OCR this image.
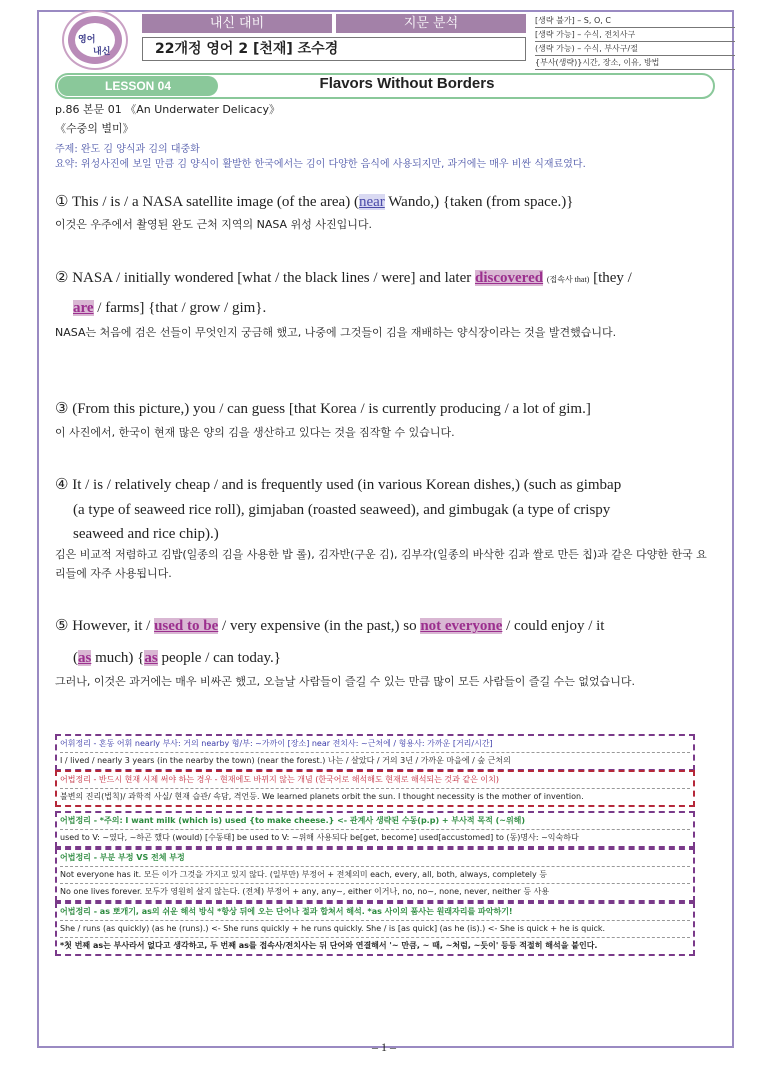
영어
내신
내신 대비	지문 분석
22개정 영어 2 [천재] 조수경
[생략 불가] – S, O, C
[생략 가능] – 수식, 전치사구
(생략 가능) – 수식, 부사구/절
{부사(생략)}시간, 장소, 이유, 방법
LESSON 04	Flavors Without Borders
p.86 본문 01 《An Underwater Delicacy》
《수중의 별미》
주제: 완도 김 양식과 김의 대중화
요약: 위성사진에 보일 만큼 김 양식이 활발한 한국에서는 김이 다양한 음식에 사용되지만, 과거에는 매우 비싼 식재료였다.
① This / is / a NASA satellite image (of the area) (near Wando,) {taken (from space.)}
이것은 우주에서 촬영된 완도 근처 지역의 NASA 위성 사진입니다.
② NASA / initially wondered [what / the black lines / were] and later discovered (접속사 that) [they /
are / farms] {that / grow / gim}.
NASA는 처음에 검은 선들이 무엇인지 궁금해 했고, 나중에 그것들이 김을 재배하는 양식장이라는 것을 발견했습니다.
③ (From this picture,) you / can guess [that Korea / is currently producing / a lot of gim.]
이 사진에서, 한국이 현재 많은 양의 김을 생산하고 있다는 것을 짐작할 수 있습니다.
④ It / is / relatively cheap / and is frequently used (in various Korean dishes,) (such as gimbap
(a type of seaweed rice roll), gimjaban (roasted seaweed), and gimbugak (a type of crispy
seaweed and rice chip).)
김은 비교적 저렴하고 김밥(일종의 김을 사용한 밥 롤), 김자반(구운 김), 김부각(일종의 바삭한 김과 쌀로 만든 칩)과 같은 다양한 한국 요리들에 자주 사용됩니다.
⑤ However, it / used to be / very expensive (in the past,) so not everyone / could enjoy / it
(as much) {as people / can today.}
그러나, 이것은 과거에는 매우 비싸곤 했고, 오늘날 사람들이 즐길 수 있는 만큼 많이 모든 사람들이 즐길 수는 없었습니다.
어휘정리 - 혼동 어휘 nearly 부사: 거의 nearby 형/부: ~가까이 [장소] near 전치사: ~근처에 / 형용사: 가까운 [거리/시간]
I / lived / nearly 3 years (in the nearby the town) (near the forest.) 나는 / 살았다 / 거의 3년 / 가까운 마을에 / 숲 근처의
어법정리 - 반드시 현재 시제 써야 하는 경우 - 현재에도 바뀌지 않는 개념 (한국어로 해석해도 현재로 해석되는 것과 같은 이치)
불변의 진리(법칙)/ 과학적 사실/ 현재 습관/ 속담, 격언등. We learned planets orbit the sun. I thought necessity is the mother of invention.
어법정리 - *주의: I want milk (which is) used {to make cheese.} <- 관계사 생략된 수동(p.p) + 부사적 목적 (~위해)
used to V: ~였다, ~하곤 했다 (would) [수동태] be used to V: ~위해 사용되다 be[get, become] used[accustomed] to (동)명사: ~익숙하다
어법정리 - 부분 부정 VS 전체 부정
Not everyone has it. 모든 이가 그것을 가지고 있지 않다. (일부만) 부정어 + 전체의미 each, every, all, both, always, completely 등
No one lives forever. 모두가 영원히 살지 않는다. (전체) 부정어 + any, any~, either 이거나, no, no~, none, never, neither 등 사용
어법정리 - as 뽀개기, as의 쉬운 해석 방식 *항상 뒤에 오는 단어나 절과 합쳐서 해석. *as 사이의 품사는 원래자리를 파악하기!
She / runs (as quickly) (as he (runs).) <- She runs quickly + he runs quickly. She / is [as quick] (as he (is).) <- She is quick + he is quick.
*첫 번째 as는 부사라서 없다고 생각하고, 두 번째 as를 접속사/전치사는 뒤 단어와 연결해서 '~ 만큼, ~ 때, ~처럼, ~듯이' 등등 적절히 해석을 붙인다.
– 1 –
